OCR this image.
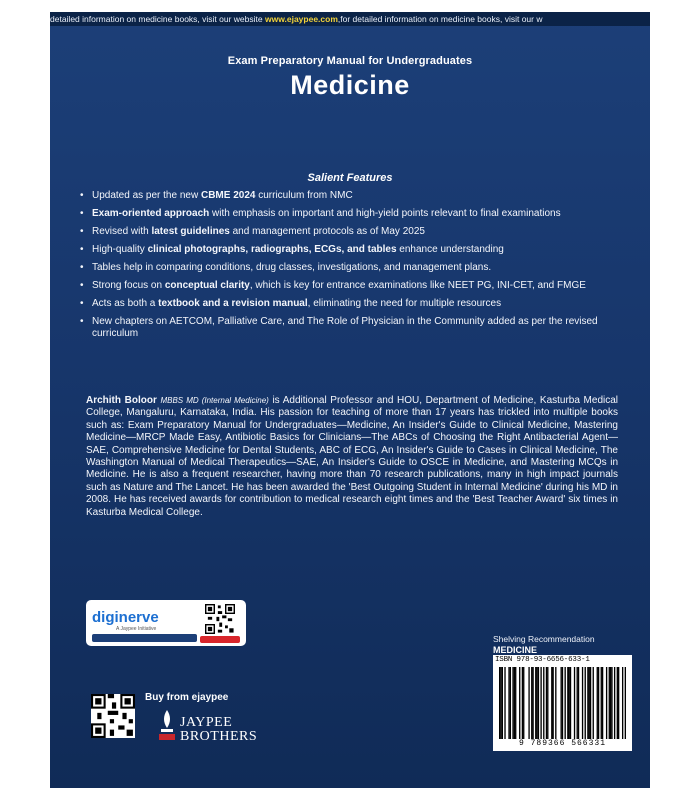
detailed information on medicine books, visit our website www.ejaypee.com,for detailed information on medicine books, visit our w
Exam Preparatory Manual for Undergraduates
Medicine
Salient Features
• Updated as per the new CBME 2024 curriculum from NMC
• Exam-oriented approach with emphasis on important and high-yield points relevant to final examinations
• Revised with latest guidelines and management protocols as of May 2025
• High-quality clinical photographs, radiographs, ECGs, and tables enhance understanding
• Tables help in comparing conditions, drug classes, investigations, and management plans.
• Strong focus on conceptual clarity, which is key for entrance examinations like NEET PG, INI-CET, and FMGE
• Acts as both a textbook and a revision manual, eliminating the need for multiple resources
• New chapters on AETCOM, Palliative Care, and The Role of Physician in the Community added as per the revised curriculum
Archith Boloor MBBS MD (Internal Medicine) is Additional Professor and HOU, Department of Medicine, Kasturba Medical College, Mangaluru, Karnataka, India. His passion for teaching of more than 17 years has trickled into multiple books such as: Exam Preparatory Manual for Undergraduates—Medicine, An Insider's Guide to Clinical Medicine, Mastering Medicine—MRCP Made Easy, Antibiotic Basics for Clinicians—The ABCs of Choosing the Right Antibacterial Agent—SAE, Comprehensive Medicine for Dental Students, ABC of ECG, An Insider's Guide to Cases in Clinical Medicine, The Washington Manual of Medical Therapeutics—SAE, An Insider's Guide to OSCE in Medicine, and Mastering MCQs in Medicine. He is also a frequent researcher, having more than 70 research publications, many in high impact journals such as Nature and The Lancet. He has been awarded the 'Best Outgoing Student in Internal Medicine' during his MD in 2008. He has received awards for contribution to medical research eight times and the 'Best Teacher Award' six times in Kasturba Medical College.
diginerve
A Jaypee Initiative
Shelving Recommendation
MEDICINE
ISBN 978-93-6656-633-1
9 789366 566331
Buy from ejaypee
JAYPEE
BROTHERS
